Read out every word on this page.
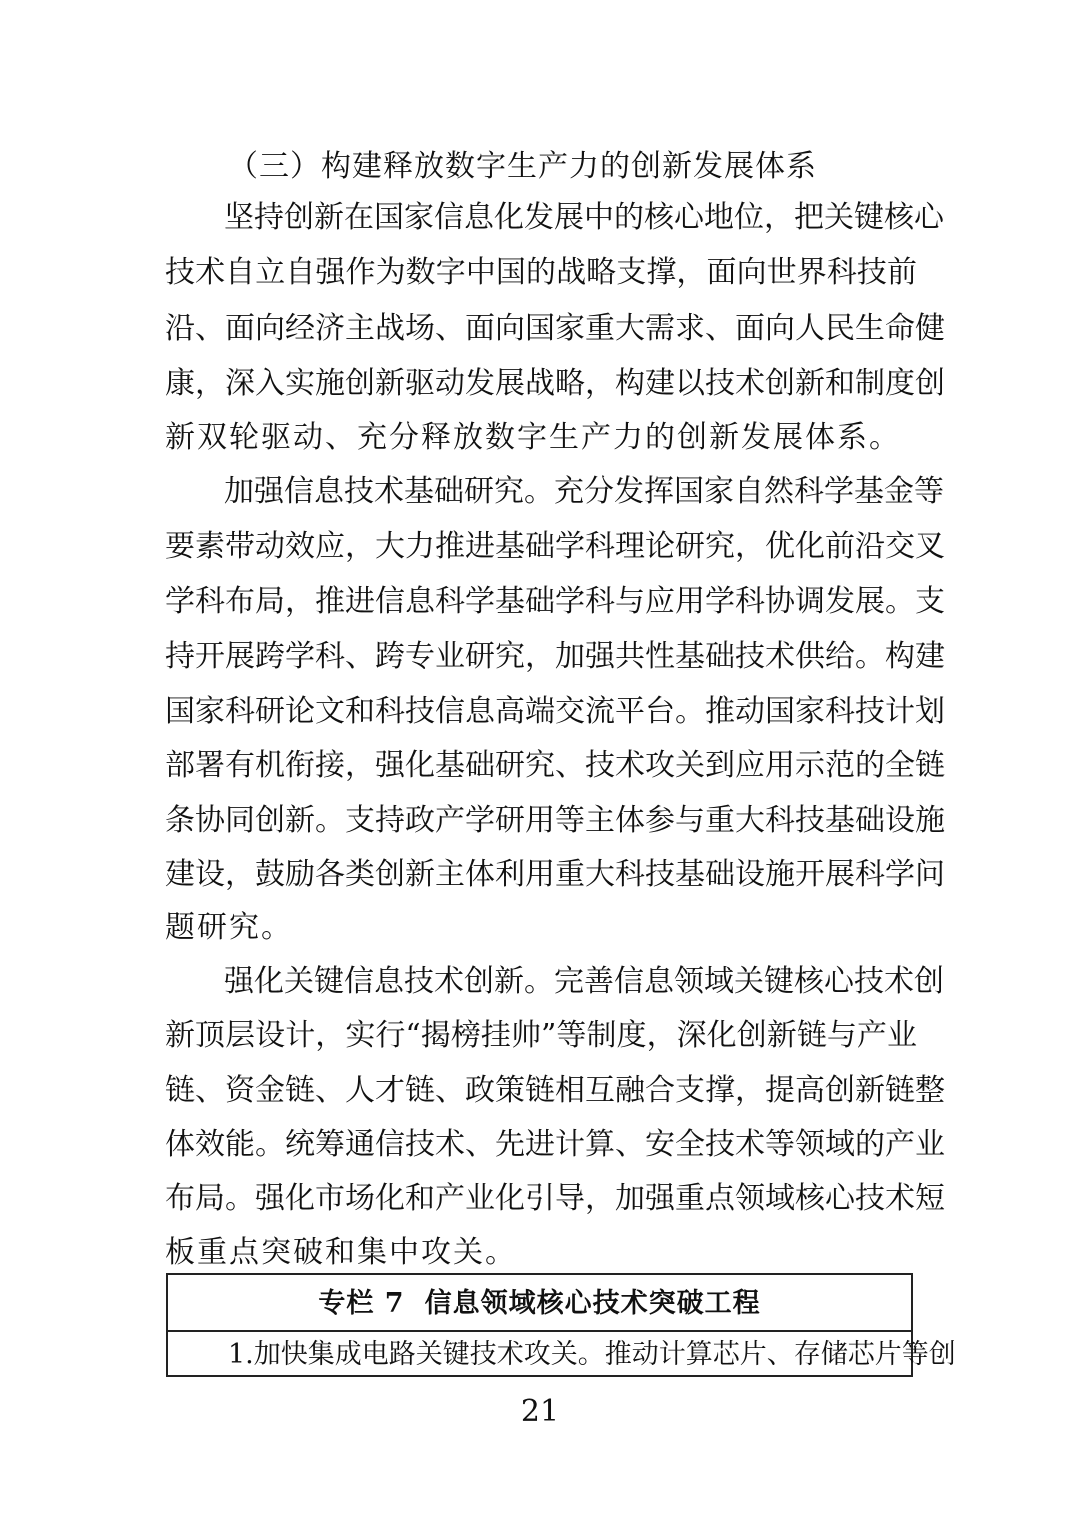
（三）构建释放数字生产力的创新发展体系
坚持创新在国家信息化发展中的核心地位，把关键核心
技术自立自强作为数字中国的战略支撑，面向世界科技前
沿、面向经济主战场、面向国家重大需求、面向人民生命健
康，深入实施创新驱动发展战略，构建以技术创新和制度创
新双轮驱动、充分释放数字生产力的创新发展体系。
加强信息技术基础研究。充分发挥国家自然科学基金等
要素带动效应，大力推进基础学科理论研究，优化前沿交叉
学科布局，推进信息科学基础学科与应用学科协调发展。支
持开展跨学科、跨专业研究，加强共性基础技术供给。构建
国家科研论文和科技信息高端交流平台。推动国家科技计划
部署有机衔接，强化基础研究、技术攻关到应用示范的全链
条协同创新。支持政产学研用等主体参与重大科技基础设施
建设，鼓励各类创新主体利用重大科技基础设施开展科学问
题研究。
强化关键信息技术创新。完善信息领域关键核心技术创
新顶层设计，实行“揭榜挂帅”等制度，深化创新链与产业
链、资金链、人才链、政策链相互融合支撑，提高创新链整
体效能。统筹通信技术、先进计算、安全技术等领域的产业
布局。强化市场化和产业化引导，加强重点领域核心技术短
板重点突破和集中攻关。
专栏 7 信息领域核心技术突破工程
1.加快集成电路关键技术攻关。推动计算芯片、存储芯片等创
21
